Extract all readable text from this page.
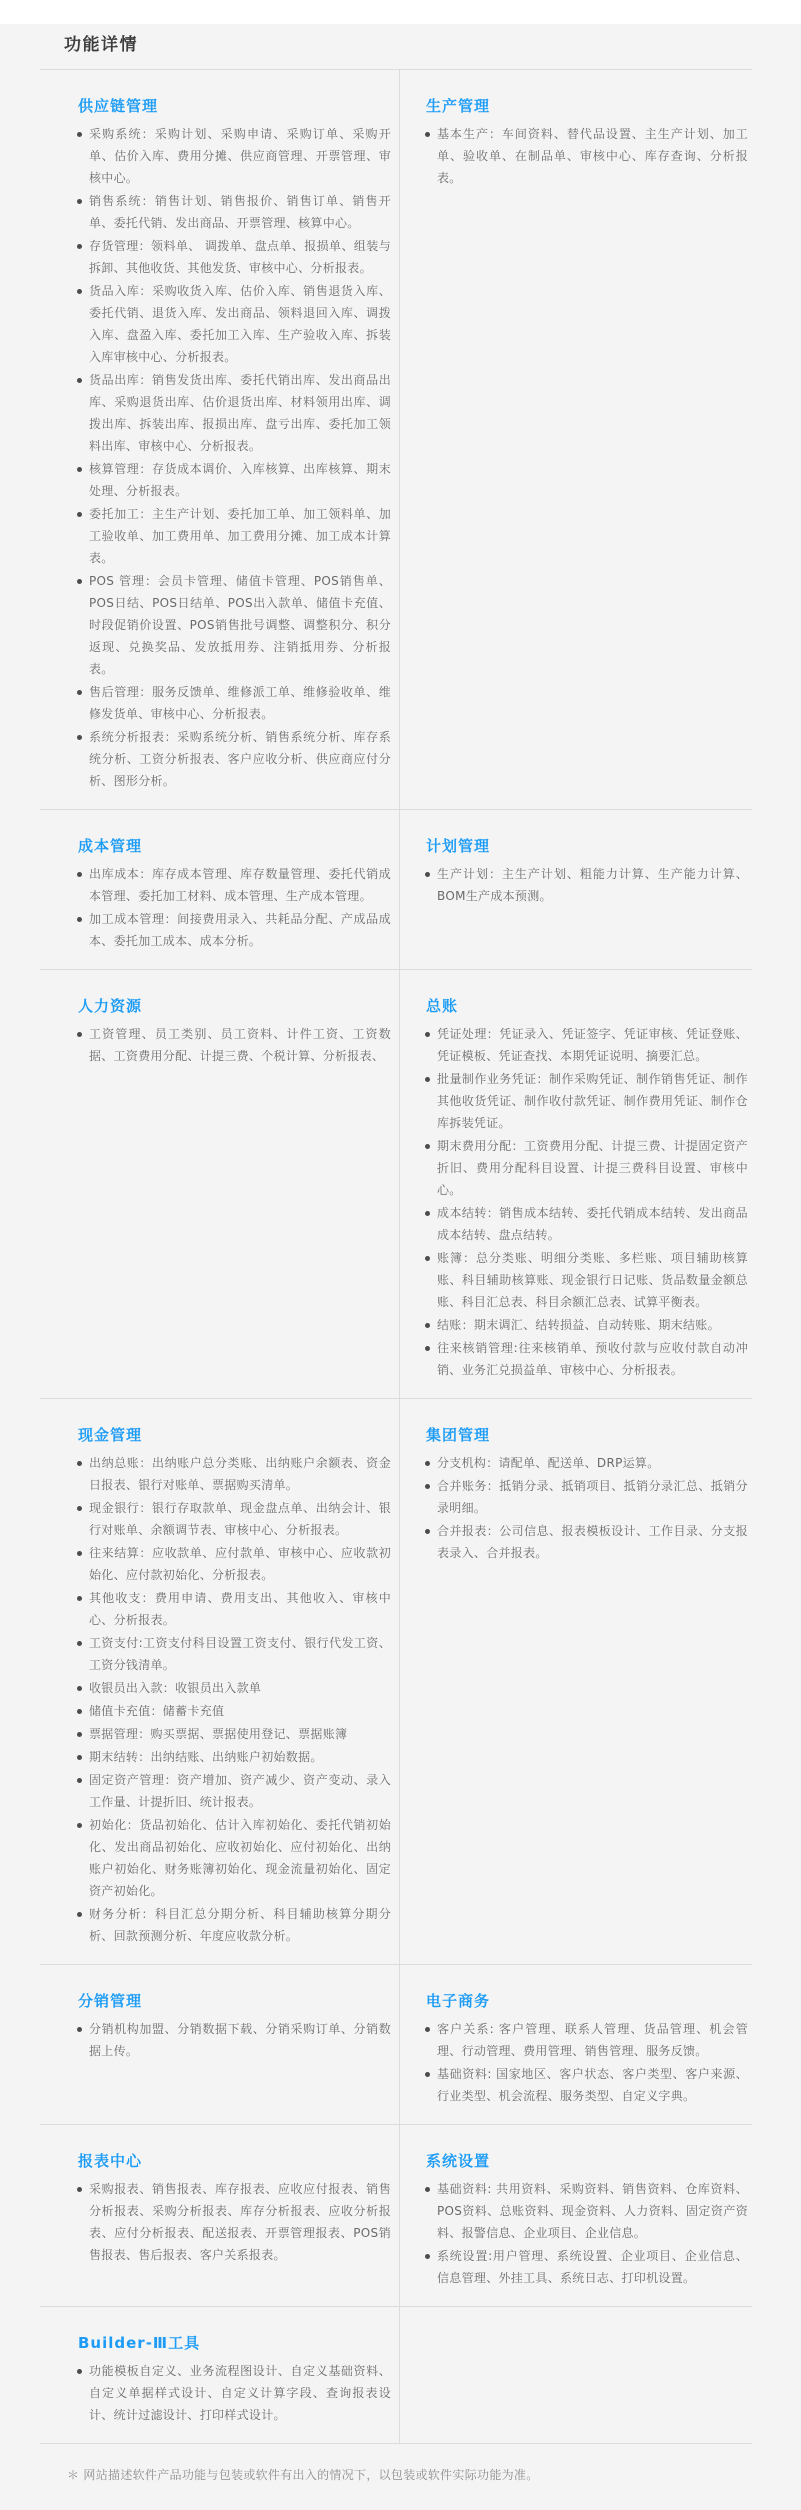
功能详情
供应链管理
采购系统：采购计划、采购申请、采购订单、采购开单、估价入库、费用分摊、供应商管理、开票管理、审核中心。
销售系统：销售计划、销售报价、销售订单、销售开单、委托代销、发出商品、开票管理、核算中心。
存货管理：领料单、 调拨单、盘点单、报损单、组装与拆卸、其他收货、其他发货、审核中心、分析报表。
货品入库：采购收货入库、估价入库、销售退货入库、委托代销、退货入库、发出商品、领料退回入库、调拨入库、盘盈入库、委托加工入库、生产验收入库、拆装入库审核中心、分析报表。
货品出库：销售发货出库、委托代销出库、发出商品出库、采购退货出库、估价退货出库、材料领用出库、调拨出库、拆装出库、报损出库、盘亏出库、委托加工领料出库、审核中心、分析报表。
核算管理：存货成本调价、入库核算、出库核算、期末处理、分析报表。
委托加工：主生产计划、委托加工单、加工领料单、加工验收单、加工费用单、加工费用分摊、加工成本计算表。
POS 管理：会员卡管理、储值卡管理、POS销售单、POS日结、POS日结单、POS出入款单、储值卡充值、时段促销价设置、POS销售批号调整、调整积分、积分返现、兑换奖品、发放抵用券、注销抵用券、分析报表。
售后管理：服务反馈单、维修派工单、维修验收单、维修发货单、审核中心、分析报表。
系统分析报表：采购系统分析、销售系统分析、库存系统分析、工资分析报表、客户应收分析、供应商应付分析、图形分析。
生产管理
基本生产：车间资料、替代品设置、主生产计划、加工单、验收单、在制品单、审核中心、库存查询、分析报表。
成本管理
出库成本：库存成本管理、库存数量管理、委托代销成本管理、委托加工材料、成本管理、生产成本管理。
加工成本管理：间接费用录入、共耗品分配、产成品成本、委托加工成本、成本分析。
计划管理
生产计划：主生产计划、粗能力计算、生产能力计算、BOM生产成本预测。
人力资源
工资管理、员工类别、员工资料、计件工资、工资数据、工资费用分配、计提三费、个税计算、分析报表、
总账
凭证处理：凭证录入、凭证签字、凭证审核、凭证登账、凭证模板、凭证查找、本期凭证说明、摘要汇总。
批量制作业务凭证：制作采购凭证、制作销售凭证、制作其他收货凭证、制作收付款凭证、制作费用凭证、制作仓库拆装凭证。
期末费用分配：工资费用分配、计提三费、计提固定资产折旧、费用分配科目设置、计提三费科目设置、审核中心。
成本结转：销售成本结转、委托代销成本结转、发出商品成本结转、盘点结转。
账簿：总分类账、明细分类账、多栏账、项目辅助核算账、科目辅助核算账、现金银行日记账、货品数量金额总账、科目汇总表、科目余额汇总表、试算平衡表。
结账：期末调汇、结转损益、自动转账、期末结账。
往来核销管理:往来核销单、预收付款与应收付款自动冲销、业务汇兑损益单、审核中心、分析报表。
现金管理
出纳总账：出纳账户总分类账、出纳账户余额表、资金日报表、银行对账单、票据购买清单。
现金银行：银行存取款单、现金盘点单、出纳会计、银行对账单、余额调节表、审核中心、分析报表。
往来结算：应收款单、应付款单、审核中心、应收款初始化、应付款初始化、分析报表。
其他收支：费用申请、费用支出、其他收入、审核中心、分析报表。
工资支付:工资支付科目设置工资支付、银行代发工资、工资分钱清单。
收银员出入款：收银员出入款单
储值卡充值：储蓄卡充值
票据管理：购买票据、票据使用登记、票据账簿
期末结转：出纳结账、出纳账户初始数据。
固定资产管理：资产增加、资产减少、资产变动、录入工作量、计提折旧、统计报表。
初始化：货品初始化、估计入库初始化、委托代销初始化、发出商品初始化、应收初始化、应付初始化、出纳账户初始化、财务账簿初始化、现金流量初始化、固定资产初始化。
财务分析：科目汇总分期分析、科目辅助核算分期分析、回款预测分析、年度应收款分析。
集团管理
分支机构：请配单、配送单、DRP运算。
合并账务：抵销分录、抵销项目、抵销分录汇总、抵销分录明细。
合并报表：公司信息、报表模板设计、工作目录、分支报表录入、合并报表。
分销管理
分销机构加盟、分销数据下载、分销采购订单、分销数据上传。
电子商务
客户关系: 客户管理、联系人管理、货品管理、机会管理、行动管理、费用管理、销售管理、服务反馈。
基础资料: 国家地区、客户状态、客户类型、客户来源、行业类型、机会流程、服务类型、自定义字典。
报表中心
采购报表、销售报表、库存报表、应收应付报表、销售分析报表、采购分析报表、库存分析报表、应收分析报表、应付分析报表、配送报表、开票管理报表、POS销售报表、售后报表、客户关系报表。
系统设置
基础资料: 共用资料、采购资料、销售资料、仓库资料、POS资料、总账资料、现金资料、人力资料、固定资产资料、报警信息、企业项目、企业信息。
系统设置:用户管理、系统设置、企业项目、企业信息、信息管理、外挂工具、系统日志、打印机设置。
Builder-Ⅲ工具
功能模板自定义、业务流程图设计、自定义基础资料、自定义单据样式设计、自定义计算字段、查询报表设计、统计过滤设计、打印样式设计。

＊ 网站描述软件产品功能与包装或软件有出入的情况下，以包装或软件实际功能为准。
